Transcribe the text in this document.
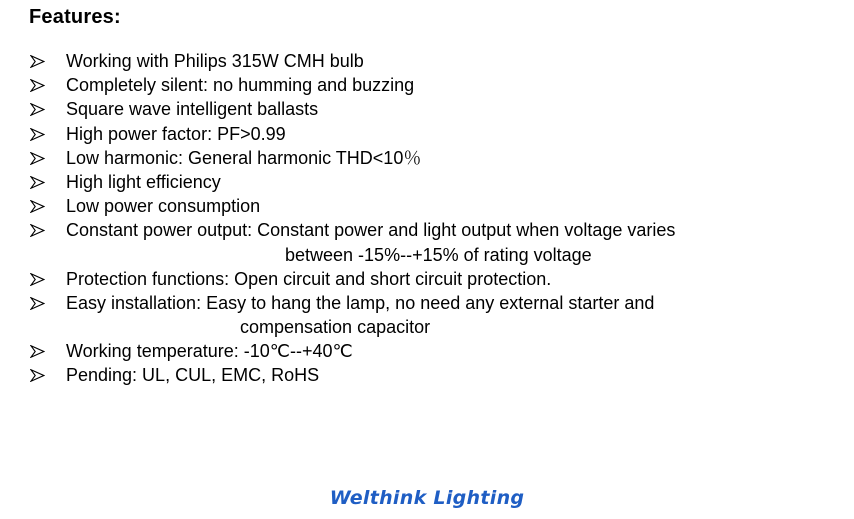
Features:
Working with Philips 315W CMH bulb
Completely silent: no humming and buzzing
Square wave intelligent ballasts
High power factor: PF>0.99
Low harmonic: General harmonic THD<10％
High light efficiency
Low power consumption
Constant power output: Constant power and light output when voltage varies
between -15%--+15% of rating voltage
Protection functions: Open circuit and short circuit protection.
Easy installation: Easy to hang the lamp, no need any external starter and
compensation capacitor
Working temperature: -10℃--+40℃
Pending: UL, CUL, EMC, RoHS
Welthink Lighting
